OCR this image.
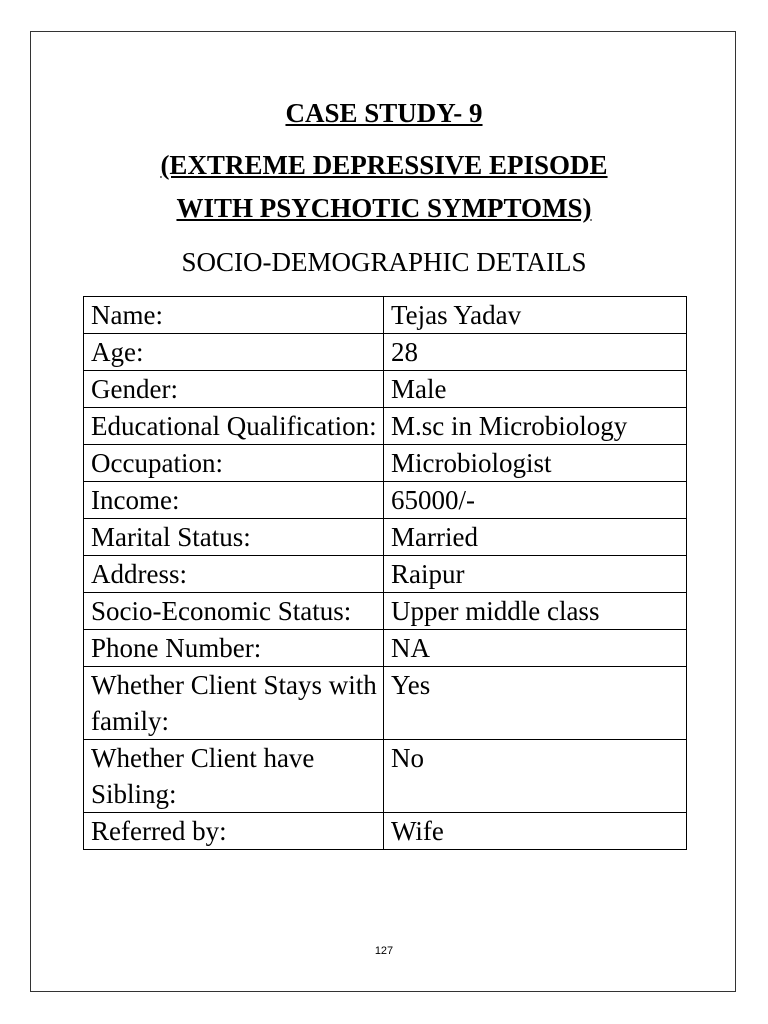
CASE STUDY- 9
(EXTREME DEPRESSIVE EPISODE
WITH PSYCHOTIC SYMPTOMS)
SOCIO-DEMOGRAPHIC DETAILS
Name:	Tejas Yadav
Age:	28
Gender:	Male
Educational Qualification:	M.sc in Microbiology
Occupation:	Microbiologist
Income:	65000/-
Marital Status:	Married
Address:	Raipur
Socio-Economic Status:	Upper middle class
Phone Number:	NA
Whether Client Stays with family:	Yes
Whether Client have Sibling:	No
Referred by:	Wife
127
